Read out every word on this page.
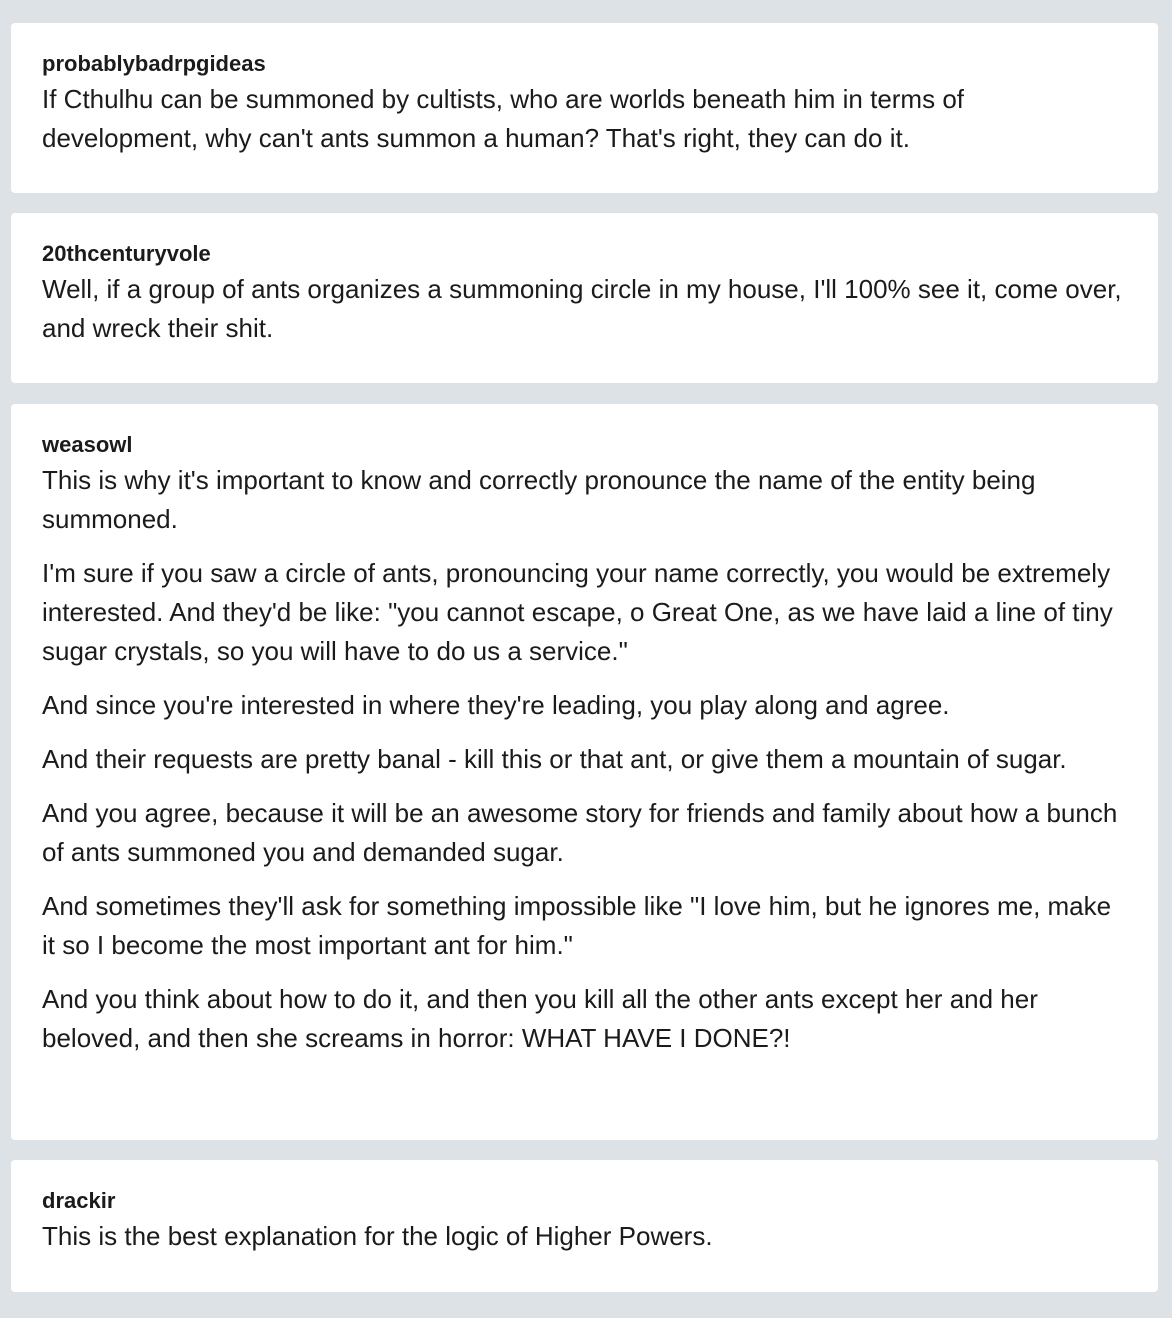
probablybadrpgideas

If Cthulhu can be summoned by cultists, who are worlds beneath him in terms of development, why can't ants summon a human? That's right, they can do it.

20thcenturyvole

Well, if a group of ants organizes a summoning circle in my house, I'll 100% see it, come over, and wreck their shit.

weasowl

This is why it's important to know and correctly pronounce the name of the entity being summoned.

I'm sure if you saw a circle of ants, pronouncing your name correctly, you would be extremely interested. And they'd be like: "you cannot escape, o Great One, as we have laid a line of tiny sugar crystals, so you will have to do us a service."

And since you're interested in where they're leading, you play along and agree.

And their requests are pretty banal - kill this or that ant, or give them a mountain of sugar.

And you agree, because it will be an awesome story for friends and family about how a bunch of ants summoned you and demanded sugar.

And sometimes they'll ask for something impossible like "I love him, but he ignores me, make it so I become the most important ant for him."

And you think about how to do it, and then you kill all the other ants except her and her beloved, and then she screams in horror: WHAT HAVE I DONE?!

drackir

This is the best explanation for the logic of Higher Powers.
